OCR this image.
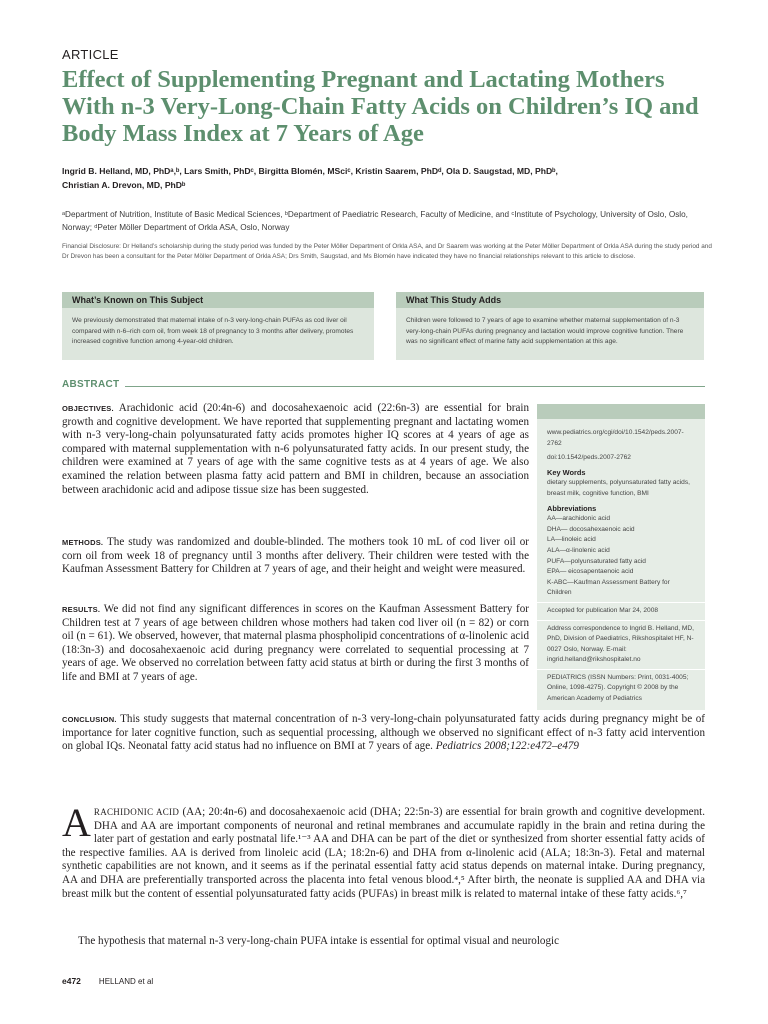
ARTICLE
Effect of Supplementing Pregnant and Lactating Mothers With n-3 Very-Long-Chain Fatty Acids on Children’s IQ and Body Mass Index at 7 Years of Age
Ingrid B. Helland, MD, PhDᵃ,ᵇ, Lars Smith, PhDᶜ, Birgitta Blomén, MSciᶜ, Kristin Saarem, PhDᵈ, Ola D. Saugstad, MD, PhDᵇ,
Christian A. Drevon, MD, PhDᵇ
ᵃDepartment of Nutrition, Institute of Basic Medical Sciences, ᵇDepartment of Paediatric Research, Faculty of Medicine, and ᶜInstitute of Psychology, University of Oslo, Oslo, Norway; ᵈPeter Möller Department of Orkla ASA, Oslo, Norway
Financial Disclosure: Dr Helland’s scholarship during the study period was funded by the Peter Möller Department of Orkla ASA, and Dr Saarem was working at the Peter Möller Department of Orkla ASA during the study period and Dr Drevon has been a consultant for the Peter Möller Department of Orkla ASA; Drs Smith, Saugstad, and Ms Blomén have indicated they have no financial relationships relevant to this article to disclose.
What’s Known on This Subject
We previously demonstrated that maternal intake of n-3 very-long-chain PUFAs as cod liver oil compared with n-6–rich corn oil, from week 18 of pregnancy to 3 months after delivery, promotes increased cognitive function among 4-year-old children.
What This Study Adds
Children were followed to 7 years of age to examine whether maternal supplementation of n-3 very-long-chain PUFAs during pregnancy and lactation would improve cognitive function. There was no significant effect of marine fatty acid supplementation at this age.
ABSTRACT
OBJECTIVES. Arachidonic acid (20:4n-6) and docosahexaenoic acid (22:6n-3) are essential for brain growth and cognitive development. We have reported that supplementing pregnant and lactating women with n-3 very-long-chain polyunsaturated fatty acids promotes higher IQ scores at 4 years of age as compared with maternal supplementation with n-6 polyunsaturated fatty acids. In our present study, the children were examined at 7 years of age with the same cognitive tests as at 4 years of age. We also examined the relation between plasma fatty acid pattern and BMI in children, because an association between arachidonic acid and adipose tissue size has been suggested.
METHODS. The study was randomized and double-blinded. The mothers took 10 mL of cod liver oil or corn oil from week 18 of pregnancy until 3 months after delivery. Their children were tested with the Kaufman Assessment Battery for Children at 7 years of age, and their height and weight were measured.
RESULTS. We did not find any significant differences in scores on the Kaufman Assessment Battery for Children test at 7 years of age between children whose mothers had taken cod liver oil (n = 82) or corn oil (n = 61). We observed, however, that maternal plasma phospholipid concentrations of α-linolenic acid (18:3n-3) and docosahexaenoic acid during pregnancy were correlated to sequential processing at 7 years of age. We observed no correlation between fatty acid status at birth or during the first 3 months of life and BMI at 7 years of age.
CONCLUSION. This study suggests that maternal concentration of n-3 very-long-chain polyunsaturated fatty acids during pregnancy might be of importance for later cognitive function, such as sequential processing, although we observed no significant effect of n-3 fatty acid intervention on global IQs. Neonatal fatty acid status had no influence on BMI at 7 years of age. Pediatrics 2008;122:e472–e479
www.pediatrics.org/cgi/doi/10.1542/peds.2007-2762
doi:10.1542/peds.2007-2762
Key Words
dietary supplements, polyunsaturated fatty acids, breast milk, cognitive function, BMI
Abbreviations
AA—arachidonic acid
DHA— docosahexaenoic acid
LA—linoleic acid
ALA—α-linolenic acid
PUFA—polyunsaturated fatty acid
EPA— eicosapentaenoic acid
K-ABC—Kaufman Assessment Battery for Children
Accepted for publication Mar 24, 2008
Address correspondence to Ingrid B. Helland, MD, PhD, Division of Paediatrics, Rikshospitalet HF, N-0027 Oslo, Norway. E-mail: ingrid.helland@rikshospitalet.no
PEDIATRICS (ISSN Numbers: Print, 0031-4005; Online, 1098-4275). Copyright © 2008 by the American Academy of Pediatrics
ARACHIDONIC ACID (AA; 20:4n-6) and docosahexaenoic acid (DHA; 22:5n-3) are essential for brain growth and cognitive development. DHA and AA are important components of neuronal and retinal membranes and accumulate rapidly in the brain and retina during the later part of gestation and early postnatal life.¹⁻³ AA and DHA can be part of the diet or synthesized from shorter essential fatty acids of the respective families. AA is derived from linoleic acid (LA; 18:2n-6) and DHA from α-linolenic acid (ALA; 18:3n-3). Fetal and maternal synthetic capabilities are not known, and it seems as if the perinatal essential fatty acid status depends on maternal intake. During pregnancy, AA and DHA are preferentially transported across the placenta into fetal venous blood.⁴,⁵ After birth, the neonate is supplied AA and DHA via breast milk but the content of essential polyunsaturated fatty acids (PUFAs) in breast milk is related to maternal intake of these fatty acids.⁶,⁷
The hypothesis that maternal n-3 very-long-chain PUFA intake is essential for optimal visual and neurologic
e472 HELLAND et al
